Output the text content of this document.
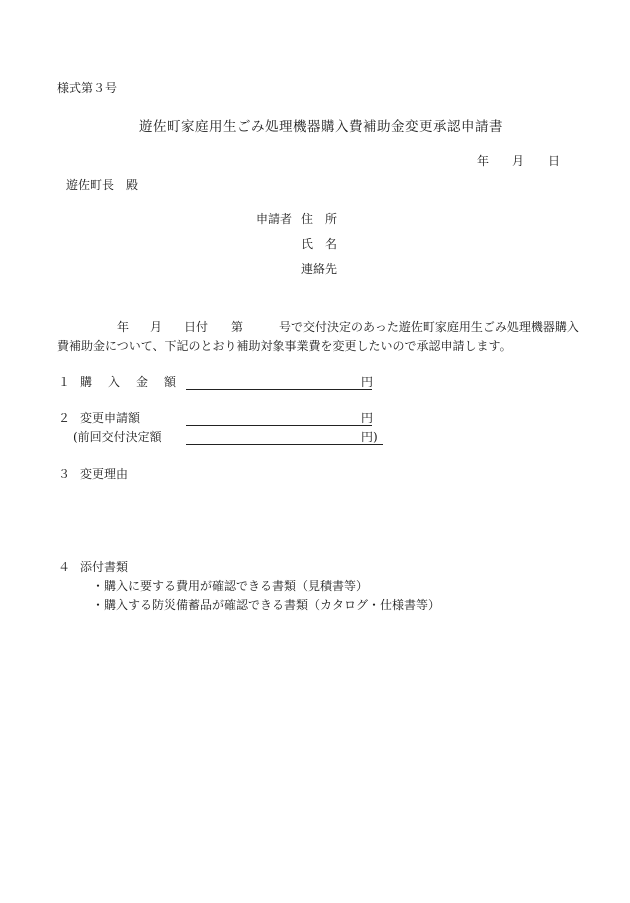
様式第３号
遊佐町家庭用生ごみ処理機器購入費補助金変更承認申請書
年 月 日
遊佐町長　殿
申請者 住　所
氏　名
連絡先
年 月 日付 第	号で交付決定のあった遊佐町家庭用生ごみ処理機器購入
費補助金について、下記のとおり補助対象事業費を変更したいので承認申請します。
１ 購入金額	円
２ 変更申請額	円
(前回交付決定額	円)
３ 変更理由
４ 添付書類
・購入に要する費用が確認できる書類（見積書等）
・購入する防災備蓄品が確認できる書類（カタログ・仕様書等）
